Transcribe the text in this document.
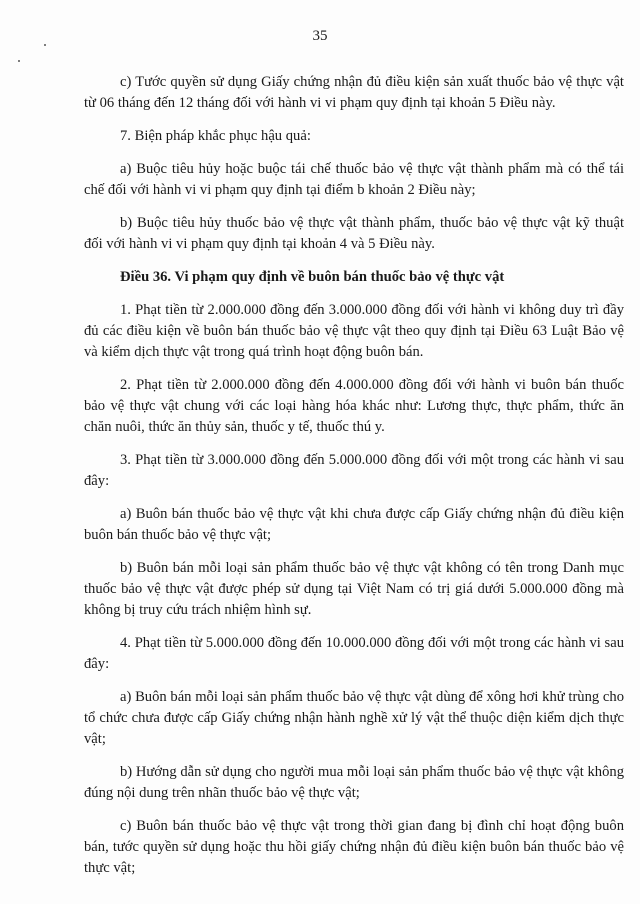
35

c) Tước quyền sử dụng Giấy chứng nhận đủ điều kiện sản xuất thuốc bảo vệ thực vật từ 06 tháng đến 12 tháng đối với hành vi vi phạm quy định tại khoản 5 Điều này.

7. Biện pháp khắc phục hậu quả:

a) Buộc tiêu hủy hoặc buộc tái chế thuốc bảo vệ thực vật thành phẩm mà có thể tái chế đối với hành vi vi phạm quy định tại điểm b khoản 2 Điều này;

b) Buộc tiêu hủy thuốc bảo vệ thực vật thành phẩm, thuốc bảo vệ thực vật kỹ thuật đối với hành vi vi phạm quy định tại khoản 4 và 5 Điều này.

Điều 36. Vi phạm quy định về buôn bán thuốc bảo vệ thực vật

1. Phạt tiền từ 2.000.000 đồng đến 3.000.000 đồng đối với hành vi không duy trì đầy đủ các điều kiện về buôn bán thuốc bảo vệ thực vật theo quy định tại Điều 63 Luật Bảo vệ và kiểm dịch thực vật trong quá trình hoạt động buôn bán.

2. Phạt tiền từ 2.000.000 đồng đến 4.000.000 đồng đối với hành vi buôn bán thuốc bảo vệ thực vật chung với các loại hàng hóa khác như: Lương thực, thực phẩm, thức ăn chăn nuôi, thức ăn thủy sản, thuốc y tế, thuốc thú y.

3. Phạt tiền từ 3.000.000 đồng đến 5.000.000 đồng đối với một trong các hành vi sau đây:

a) Buôn bán thuốc bảo vệ thực vật khi chưa được cấp Giấy chứng nhận đủ điều kiện buôn bán thuốc bảo vệ thực vật;

b) Buôn bán mỗi loại sản phẩm thuốc bảo vệ thực vật không có tên trong Danh mục thuốc bảo vệ thực vật được phép sử dụng tại Việt Nam có trị giá dưới 5.000.000 đồng mà không bị truy cứu trách nhiệm hình sự.

4. Phạt tiền từ 5.000.000 đồng đến 10.000.000 đồng đối với một trong các hành vi sau đây:

a) Buôn bán mỗi loại sản phẩm thuốc bảo vệ thực vật dùng để xông hơi khử trùng cho tổ chức chưa được cấp Giấy chứng nhận hành nghề xử lý vật thể thuộc diện kiểm dịch thực vật;

b) Hướng dẫn sử dụng cho người mua mỗi loại sản phẩm thuốc bảo vệ thực vật không đúng nội dung trên nhãn thuốc bảo vệ thực vật;

c) Buôn bán thuốc bảo vệ thực vật trong thời gian đang bị đình chỉ hoạt động buôn bán, tước quyền sử dụng hoặc thu hồi giấy chứng nhận đủ điều kiện buôn bán thuốc bảo vệ thực vật;
